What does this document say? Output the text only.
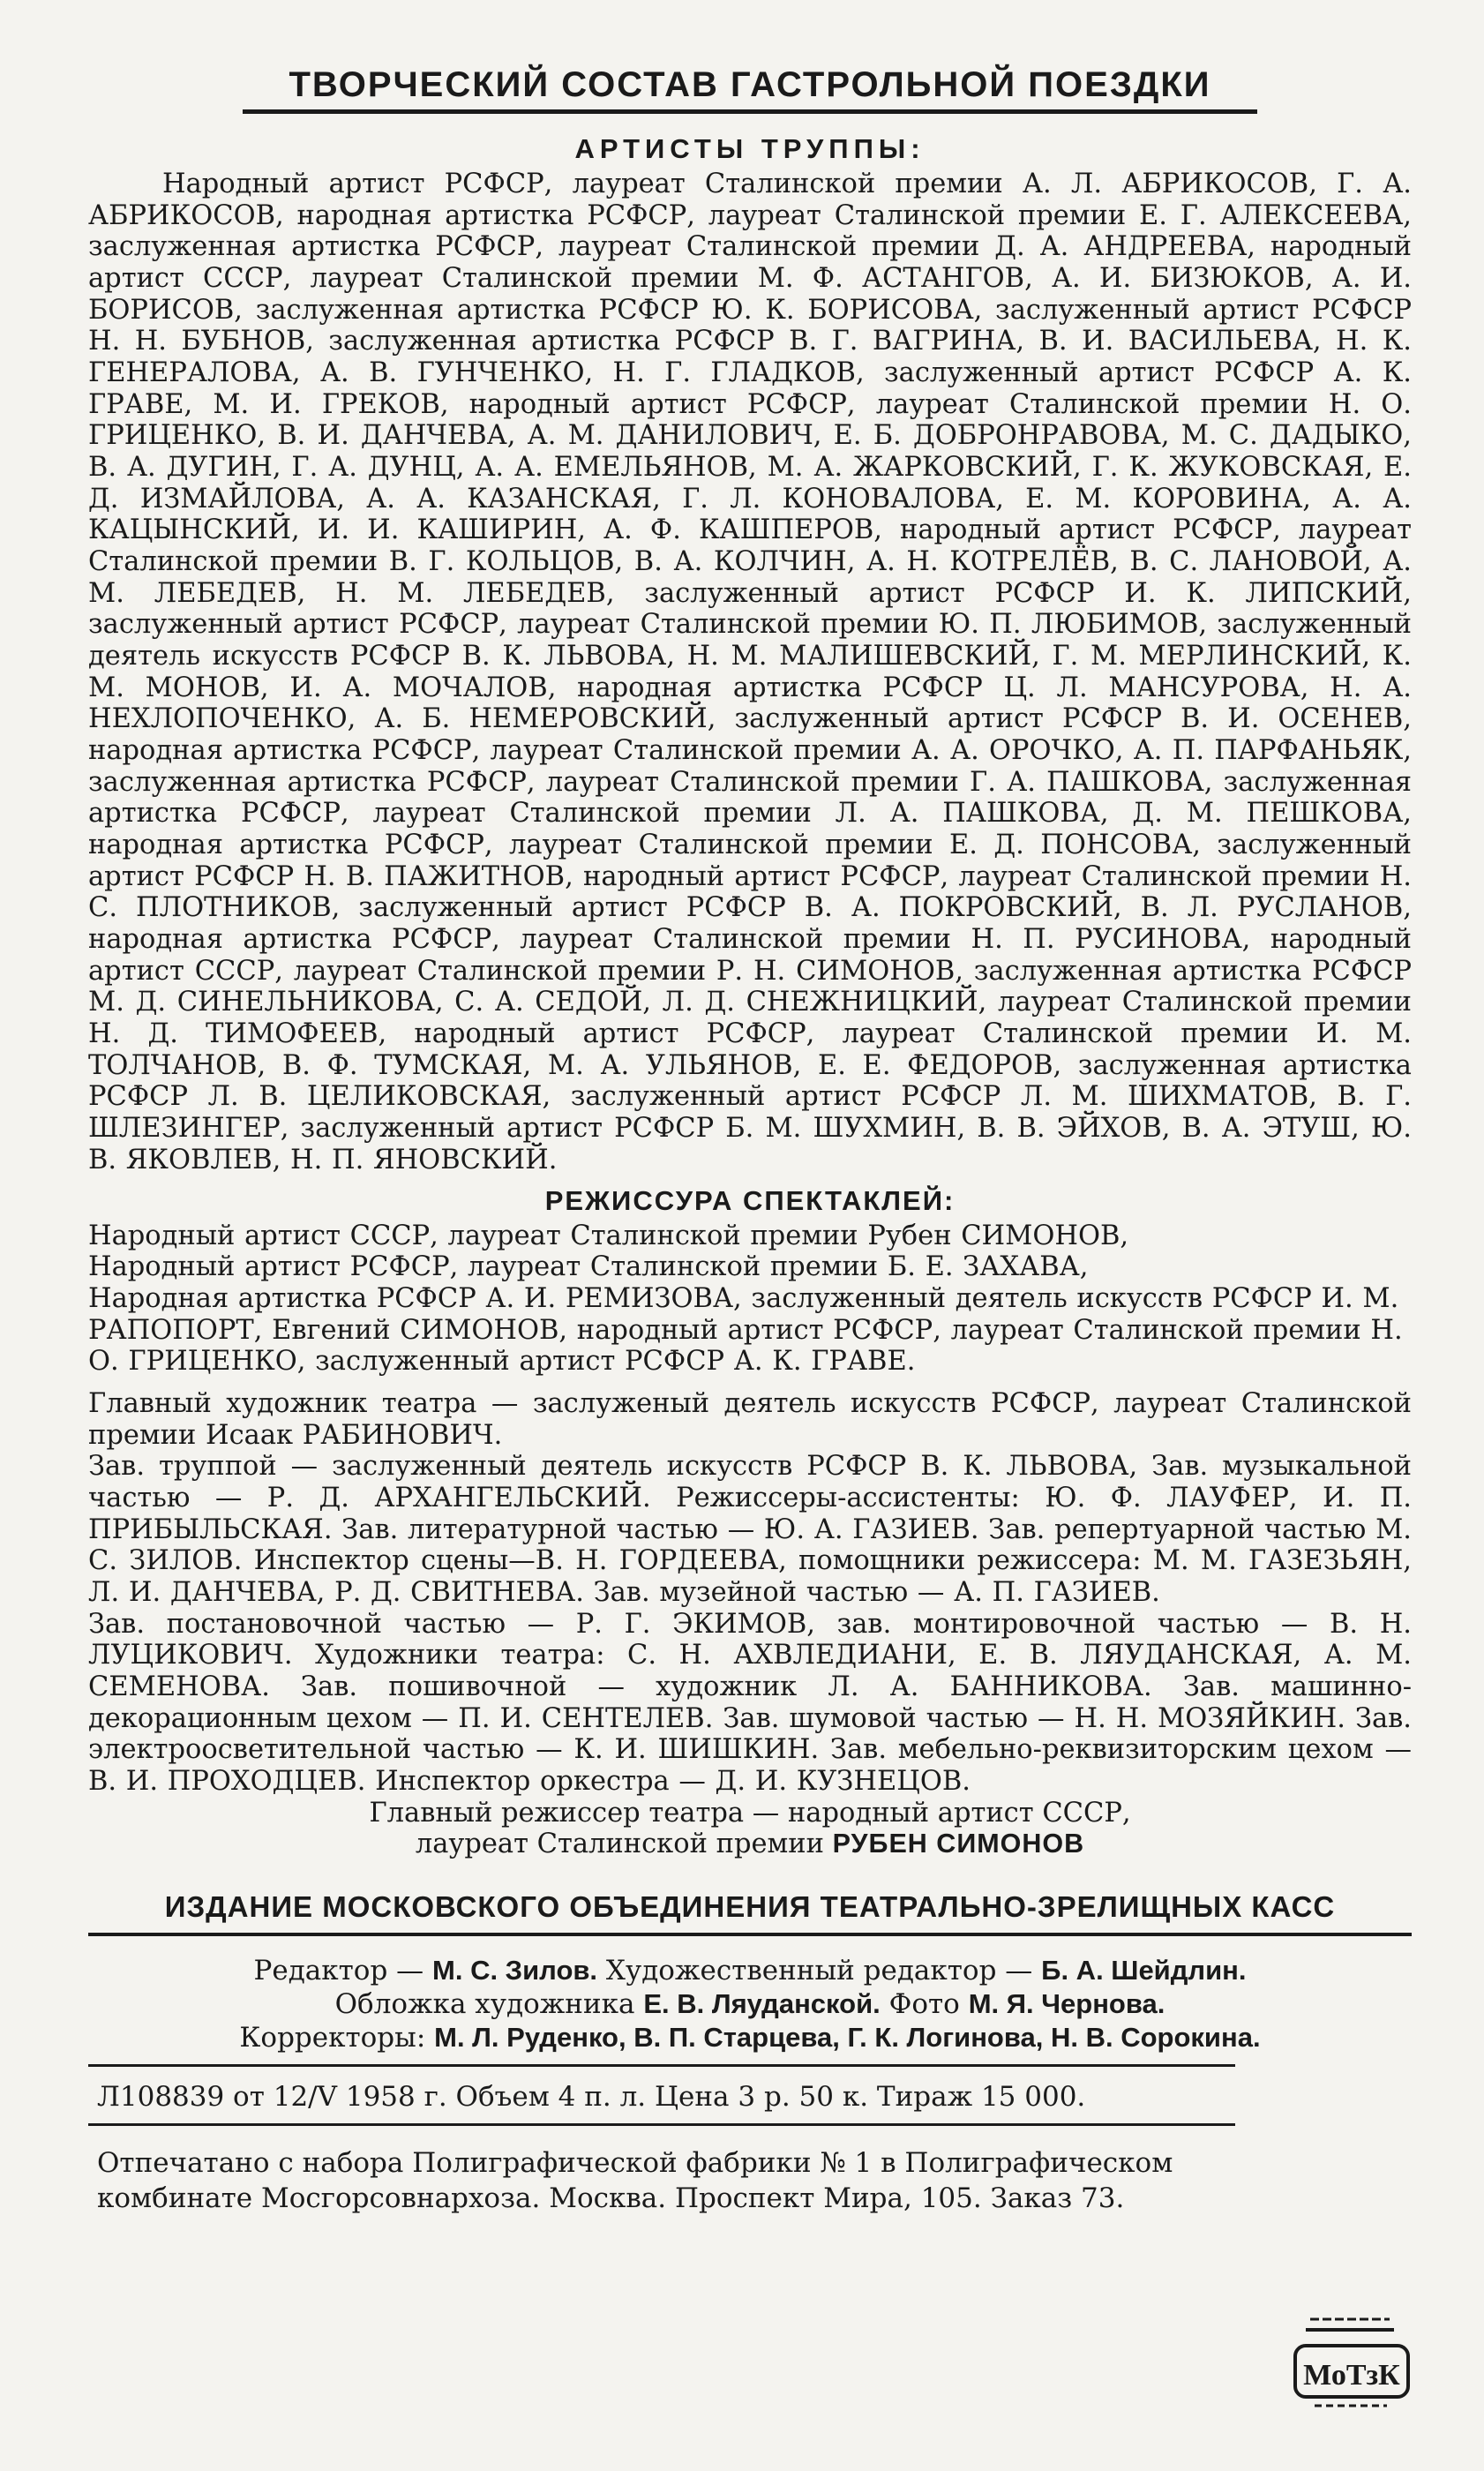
ТВОРЧЕСКИЙ СОСТАВ ГАСТРОЛЬНОЙ ПОЕЗДКИ
АРТИСТЫ ТРУППЫ:

Народный артист РСФСР, лауреат Сталинской премии А. Л. АБРИКОСОВ, Г. А. АБРИКОСОВ, народная артистка РСФСР, лауреат Сталинской премии Е. Г. АЛЕКСЕЕВА, заслуженная артистка РСФСР, лауреат Сталинской премии Д. А. АНДРЕЕВА, народный артист СССР, лауреат Сталинской премии М. Ф. АСТАНГОВ, А. И. БИЗЮКОВ, А. И. БОРИСОВ, заслуженная артистка РСФСР Ю. К. БОРИСОВА, заслуженный артист РСФСР Н. Н. БУБНОВ, заслуженная артистка РСФСР В. Г. ВАГРИНА, В. И. ВАСИЛЬЕВА, Н. К. ГЕНЕРАЛОВА, А. В. ГУНЧЕНКО, Н. Г. ГЛАДКОВ, заслуженный артист РСФСР А. К. ГРАВЕ, М. И. ГРЕКОВ, народный артист РСФСР, лауреат Сталинской премии Н. О. ГРИЦЕНКО, В. И. ДАНЧЕВА, А. М. ДАНИЛОВИЧ, Е. Б. ДОБРОНРАВОВА, М. С. ДАДЫКО, В. А. ДУГИН, Г. А. ДУНЦ, А. А. ЕМЕЛЬЯНОВ, М. А. ЖАРКОВСКИЙ, Г. К. ЖУКОВСКАЯ, Е. Д. ИЗМАЙЛОВА, А. А. КАЗАНСКАЯ, Г. Л. КОНОВАЛОВА, Е. М. КОРОВИНА, А. А. КАЦЫНСКИЙ, И. И. КАШИРИН, А. Ф. КАШПЕРОВ, народный артист РСФСР, лауреат Сталинской премии В. Г. КОЛЬЦОВ, В. А. КОЛЧИН, А. Н. КОТРЕЛЁВ, В. С. ЛАНОВОЙ, А. М. ЛЕБЕДЕВ, Н. М. ЛЕБЕДЕВ, заслуженный артист РСФСР И. К. ЛИПСКИЙ, заслуженный артист РСФСР, лауреат Сталинской премии Ю. П. ЛЮБИМОВ, заслуженный деятель искусств РСФСР В. К. ЛЬВОВА, Н. М. МАЛИШЕВСКИЙ, Г. М. МЕРЛИНСКИЙ, К. М. МОНОВ, И. А. МОЧАЛОВ, народная артистка РСФСР Ц. Л. МАНСУРОВА, Н. А. НЕХЛОПОЧЕНКО, А. Б. НЕМЕРОВСКИЙ, заслуженный артист РСФСР В. И. ОСЕНЕВ, народная артистка РСФСР, лауреат Сталинской премии А. А. ОРОЧКО, А. П. ПАРФАНЬЯК, заслуженная артистка РСФСР, лауреат Сталинской премии Г. А. ПАШКОВА, заслуженная артистка РСФСР, лауреат Сталинской премии Л. А. ПАШКОВА, Д. М. ПЕШКОВА, народная артистка РСФСР, лауреат Сталинской премии Е. Д. ПОНСОВА, заслуженный артист РСФСР Н. В. ПАЖИТНОВ, народный артист РСФСР, лауреат Сталинской премии Н. С. ПЛОТНИКОВ, заслуженный артист РСФСР В. А. ПОКРОВСКИЙ, В. Л. РУСЛАНОВ, народная артистка РСФСР, лауреат Сталинской премии Н. П. РУСИНОВА, народный артист СССР, лауреат Сталинской премии Р. Н. СИМОНОВ, заслуженная артистка РСФСР М. Д. СИНЕЛЬНИКОВА, С. А. СЕДОЙ, Л. Д. СНЕЖНИЦКИЙ, лауреат Сталинской премии Н. Д. ТИМОФЕЕВ, народный артист РСФСР, лауреат Сталинской премии И. М. ТОЛЧАНОВ, В. Ф. ТУМСКАЯ, М. А. УЛЬЯНОВ, Е. Е. ФЕДОРОВ, заслуженная артистка РСФСР Л. В. ЦЕЛИКОВСКАЯ, заслуженный артист РСФСР Л. М. ШИХМАТОВ, В. Г. ШЛЕЗИНГЕР, заслуженный артист РСФСР Б. М. ШУХМИН, В. В. ЭЙХОВ, В. А. ЭТУШ, Ю. В. ЯКОВЛЕВ, Н. П. ЯНОВСКИЙ.

РЕЖИССУРА СПЕКТАКЛЕЙ:

Народный артист СССР, лауреат Сталинской премии Рубен СИМОНОВ,

Народный артист РСФСР, лауреат Сталинской премии Б. Е. ЗАХАВА,

Народная артистка РСФСР А. И. РЕМИЗОВА, заслуженный деятель искусств РСФСР И. М. РАПОПОРТ, Евгений СИМОНОВ, народный артист РСФСР, лауреат Сталинской премии Н. О. ГРИЦЕНКО, заслуженный артист РСФСР А. К. ГРАВЕ.

Главный художник театра — заслуженый деятель искусств РСФСР, лауреат Сталинской премии Исаак РАБИНОВИЧ.

Зав. труппой — заслуженный деятель искусств РСФСР В. К. ЛЬВОВА, Зав. музыкальной частью — Р. Д. АРХАНГЕЛЬСКИЙ. Режиссеры-ассистенты: Ю. Ф. ЛАУФЕР, И. П. ПРИБЫЛЬСКАЯ. Зав. литературной частью — Ю. А. ГАЗИЕВ. Зав. репертуарной частью М. С. ЗИЛОВ. Инспектор сцены—В. Н. ГОРДЕЕВА, помощники режиссера: М. М. ГАЗЕЗЬЯН, Л. И. ДАНЧЕВА, Р. Д. СВИТНЕВА. Зав. музейной частью — А. П. ГАЗИЕВ.

Зав. постановочной частью — Р. Г. ЭКИМОВ, зав. монтировочной частью — В. Н. ЛУЦИКОВИЧ. Художники театра: С. Н. АХВЛЕДИАНИ, Е. В. ЛЯУДАНСКАЯ, А. М. СЕМЕНОВА. Зав. пошивочной — художник Л. А. БАННИКОВА. Зав. машинно-декорационным цехом — П. И. СЕНТЕЛЕВ. Зав. шумовой частью — Н. Н. МОЗЯЙКИН. Зав. электроосветительной частью — К. И. ШИШКИН. Зав. мебельно-реквизиторским цехом — В. И. ПРОХОДЦЕВ. Инспектор оркестра — Д. И. КУЗНЕЦОВ.

Главный режиссер театра — народный артист СССР,

лауреат Сталинской премии РУБЕН СИМОНОВ

ИЗДАНИЕ МОСКОВСКОГО ОБЪЕДИНЕНИЯ ТЕАТРАЛЬНО-ЗРЕЛИЩНЫХ КАСС
Редактор — М. С. Зилов. Художественный редактор — Б. А. Шейдлин.
Обложка художника Е. В. Ляуданской. Фото М. Я. Чернова.
Корректоры: М. Л. Руденко, В. П. Старцева, Г. К. Логинова, Н. В. Сорокина.
Л108839 от 12/V 1958 г. Объем 4 п. л. Цена 3 р. 50 к. Тираж 15 000.
Отпечатано с набора Полиграфической фабрики № 1 в Полиграфическом комбинате Мосгорсовнархоза. Москва. Проспект Мира, 105. Заказ 73.
МоТзК
